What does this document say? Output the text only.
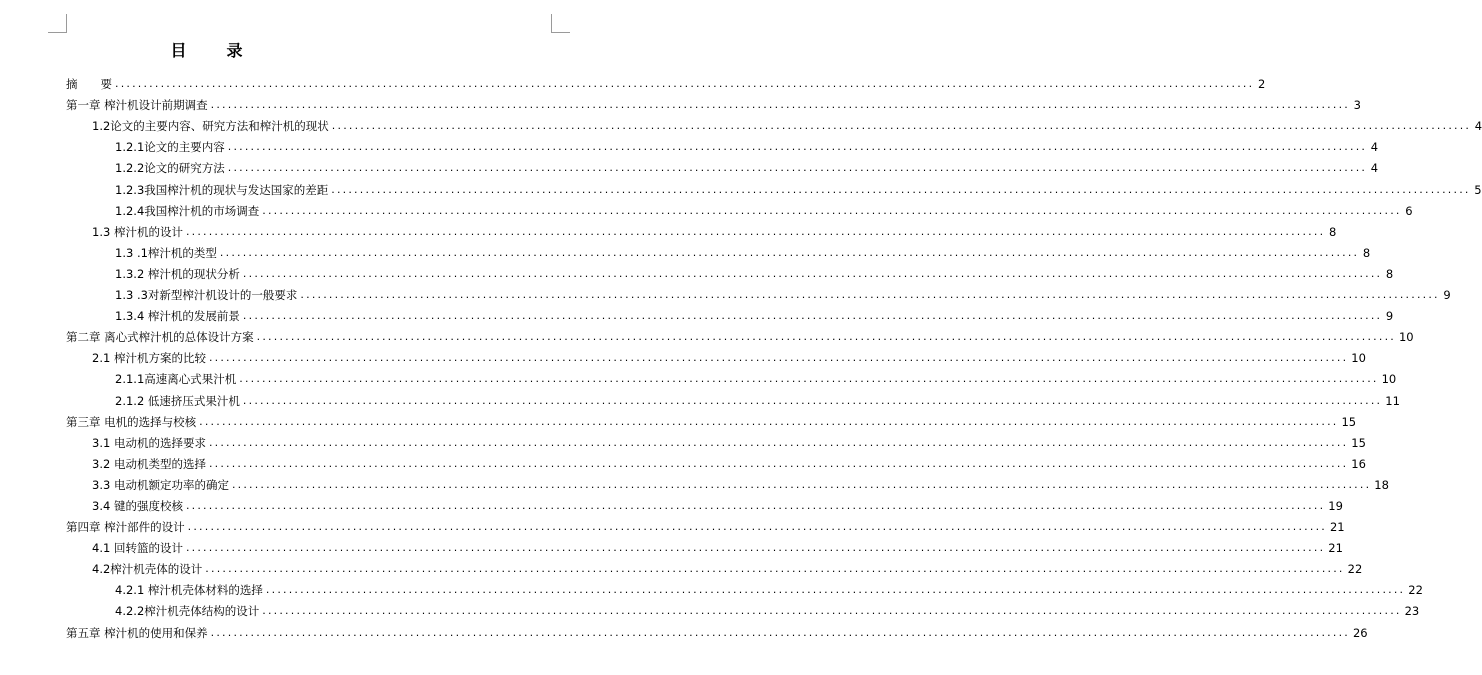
目　录
摘　　要 ........................................................................................................................................................................................................ 2
第一章 榨汁机设计前期调查 ........................................................................................................................................................................................................ 3
1.2论文的主要内容、研究方法和榨汁机的现状 ........................................................................................................................................................................................................ 4
1.2.1论文的主要内容 ........................................................................................................................................................................................................ 4
1.2.2论文的研究方法 ........................................................................................................................................................................................................ 4
1.2.3我国榨汁机的现状与发达国家的差距 ........................................................................................................................................................................................................ 5
1.2.4我国榨汁机的市场调查 ........................................................................................................................................................................................................ 6
1.3 榨汁机的设计 ........................................................................................................................................................................................................ 8
1.3 .1榨汁机的类型 ........................................................................................................................................................................................................ 8
1.3.2 榨汁机的现状分析 ........................................................................................................................................................................................................ 8
1.3 .3对新型榨汁机设计的一般要求 ........................................................................................................................................................................................................ 9
1.3.4 榨汁机的发展前景 ........................................................................................................................................................................................................ 9
第二章 离心式榨汁机的总体设计方案 ........................................................................................................................................................................................................ 10
2.1 榨汁机方案的比较 ........................................................................................................................................................................................................ 10
2.1.1高速离心式果汁机 ........................................................................................................................................................................................................ 10
2.1.2 低速挤压式果汁机 ........................................................................................................................................................................................................ 11
第三章 电机的选择与校核 ........................................................................................................................................................................................................ 15
3.1 电动机的选择要求 ........................................................................................................................................................................................................ 15
3.2 电动机类型的选择 ........................................................................................................................................................................................................ 16
3.3 电动机额定功率的确定 ........................................................................................................................................................................................................ 18
3.4 键的强度校核 ........................................................................................................................................................................................................ 19
第四章 榨汁部件的设计 ........................................................................................................................................................................................................ 21
4.1 回转篮的设计 ........................................................................................................................................................................................................ 21
4.2榨汁机壳体的设计 ........................................................................................................................................................................................................ 22
4.2.1 榨汁机壳体材料的选择 ........................................................................................................................................................................................................ 22
4.2.2榨汁机壳体结构的设计 ........................................................................................................................................................................................................ 23
第五章 榨汁机的使用和保养 ........................................................................................................................................................................................................ 26
